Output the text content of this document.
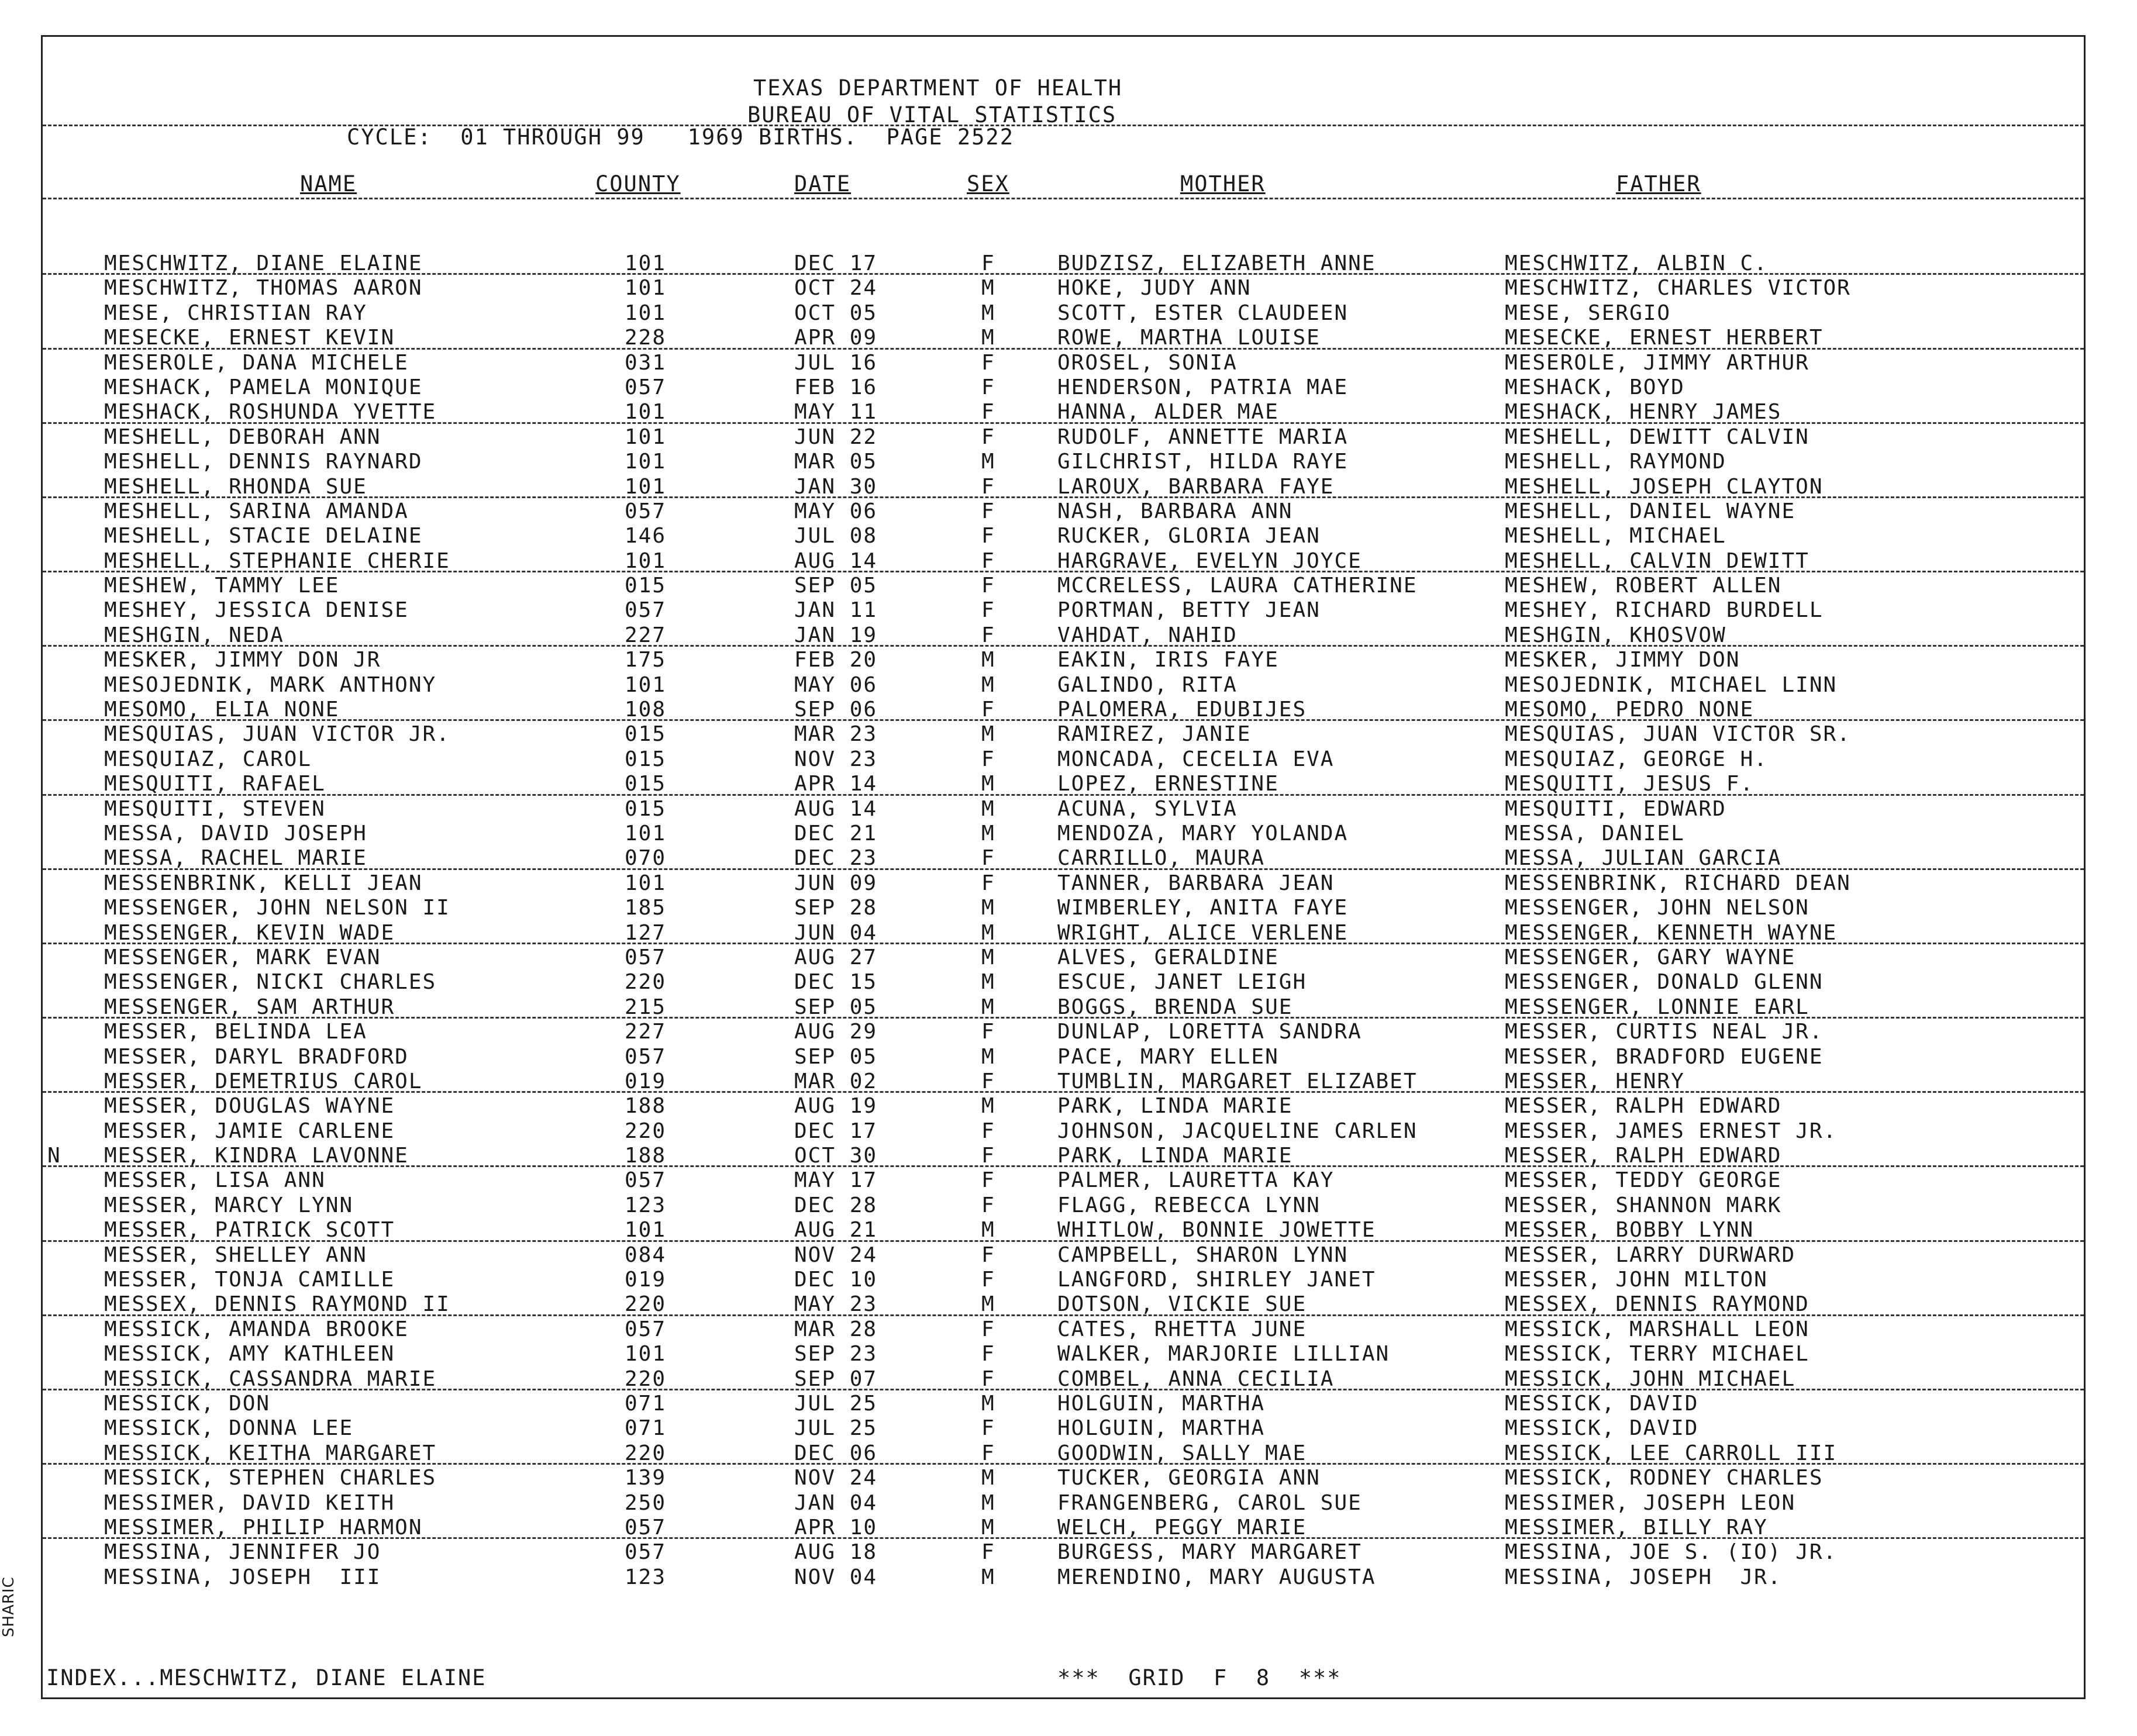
TEXAS DEPARTMENT OF HEALTH
BUREAU OF VITAL STATISTICS
CYCLE:  01 THROUGH 99   1969 BIRTHS.  PAGE 2522
NAME	COUNTY	DATE	SEX	MOTHER	FATHER
MESCHWITZ, DIANE ELAINE	101	DEC 17	F	BUDZISZ, ELIZABETH ANNE	MESCHWITZ, ALBIN C.
MESCHWITZ, THOMAS AARON	101	OCT 24	M	HOKE, JUDY ANN	MESCHWITZ, CHARLES VICTOR
MESE, CHRISTIAN RAY	101	OCT 05	M	SCOTT, ESTER CLAUDEEN	MESE, SERGIO
MESECKE, ERNEST KEVIN	228	APR 09	M	ROWE, MARTHA LOUISE	MESECKE, ERNEST HERBERT
MESEROLE, DANA MICHELE	031	JUL 16	F	OROSEL, SONIA	MESEROLE, JIMMY ARTHUR
MESHACK, PAMELA MONIQUE	057	FEB 16	F	HENDERSON, PATRIA MAE	MESHACK, BOYD
MESHACK, ROSHUNDA YVETTE	101	MAY 11	F	HANNA, ALDER MAE	MESHACK, HENRY JAMES
MESHELL, DEBORAH ANN	101	JUN 22	F	RUDOLF, ANNETTE MARIA	MESHELL, DEWITT CALVIN
MESHELL, DENNIS RAYNARD	101	MAR 05	M	GILCHRIST, HILDA RAYE	MESHELL, RAYMOND
MESHELL, RHONDA SUE	101	JAN 30	F	LAROUX, BARBARA FAYE	MESHELL, JOSEPH CLAYTON
MESHELL, SARINA AMANDA	057	MAY 06	F	NASH, BARBARA ANN	MESHELL, DANIEL WAYNE
MESHELL, STACIE DELAINE	146	JUL 08	F	RUCKER, GLORIA JEAN	MESHELL, MICHAEL
MESHELL, STEPHANIE CHERIE	101	AUG 14	F	HARGRAVE, EVELYN JOYCE	MESHELL, CALVIN DEWITT
MESHEW, TAMMY LEE	015	SEP 05	F	MCCRELESS, LAURA CATHERINE	MESHEW, ROBERT ALLEN
MESHEY, JESSICA DENISE	057	JAN 11	F	PORTMAN, BETTY JEAN	MESHEY, RICHARD BURDELL
MESHGIN, NEDA	227	JAN 19	F	VAHDAT, NAHID	MESHGIN, KHOSVOW
MESKER, JIMMY DON JR	175	FEB 20	M	EAKIN, IRIS FAYE	MESKER, JIMMY DON
MESOJEDNIK, MARK ANTHONY	101	MAY 06	M	GALINDO, RITA	MESOJEDNIK, MICHAEL LINN
MESOMO, ELIA NONE	108	SEP 06	F	PALOMERA, EDUBIJES	MESOMO, PEDRO NONE
MESQUIAS, JUAN VICTOR JR.	015	MAR 23	M	RAMIREZ, JANIE	MESQUIAS, JUAN VICTOR SR.
MESQUIAZ, CAROL	015	NOV 23	F	MONCADA, CECELIA EVA	MESQUIAZ, GEORGE H.
MESQUITI, RAFAEL	015	APR 14	M	LOPEZ, ERNESTINE	MESQUITI, JESUS F.
MESQUITI, STEVEN	015	AUG 14	M	ACUNA, SYLVIA	MESQUITI, EDWARD
MESSA, DAVID JOSEPH	101	DEC 21	M	MENDOZA, MARY YOLANDA	MESSA, DANIEL
MESSA, RACHEL MARIE	070	DEC 23	F	CARRILLO, MAURA	MESSA, JULIAN GARCIA
MESSENBRINK, KELLI JEAN	101	JUN 09	F	TANNER, BARBARA JEAN	MESSENBRINK, RICHARD DEAN
MESSENGER, JOHN NELSON II	185	SEP 28	M	WIMBERLEY, ANITA FAYE	MESSENGER, JOHN NELSON
MESSENGER, KEVIN WADE	127	JUN 04	M	WRIGHT, ALICE VERLENE	MESSENGER, KENNETH WAYNE
MESSENGER, MARK EVAN	057	AUG 27	M	ALVES, GERALDINE	MESSENGER, GARY WAYNE
MESSENGER, NICKI CHARLES	220	DEC 15	M	ESCUE, JANET LEIGH	MESSENGER, DONALD GLENN
MESSENGER, SAM ARTHUR	215	SEP 05	M	BOGGS, BRENDA SUE	MESSENGER, LONNIE EARL
MESSER, BELINDA LEA	227	AUG 29	F	DUNLAP, LORETTA SANDRA	MESSER, CURTIS NEAL JR.
MESSER, DARYL BRADFORD	057	SEP 05	M	PACE, MARY ELLEN	MESSER, BRADFORD EUGENE
MESSER, DEMETRIUS CAROL	019	MAR 02	F	TUMBLIN, MARGARET ELIZABET	MESSER, HENRY
MESSER, DOUGLAS WAYNE	188	AUG 19	M	PARK, LINDA MARIE	MESSER, RALPH EDWARD
MESSER, JAMIE CARLENE	220	DEC 17	F	JOHNSON, JACQUELINE CARLEN	MESSER, JAMES ERNEST JR.
N MESSER, KINDRA LAVONNE	188	OCT 30	F	PARK, LINDA MARIE	MESSER, RALPH EDWARD
MESSER, LISA ANN	057	MAY 17	F	PALMER, LAURETTA KAY	MESSER, TEDDY GEORGE
MESSER, MARCY LYNN	123	DEC 28	F	FLAGG, REBECCA LYNN	MESSER, SHANNON MARK
MESSER, PATRICK SCOTT	101	AUG 21	M	WHITLOW, BONNIE JOWETTE	MESSER, BOBBY LYNN
MESSER, SHELLEY ANN	084	NOV 24	F	CAMPBELL, SHARON LYNN	MESSER, LARRY DURWARD
MESSER, TONJA CAMILLE	019	DEC 10	F	LANGFORD, SHIRLEY JANET	MESSER, JOHN MILTON
MESSEX, DENNIS RAYMOND II	220	MAY 23	M	DOTSON, VICKIE SUE	MESSEX, DENNIS RAYMOND
MESSICK, AMANDA BROOKE	057	MAR 28	F	CATES, RHETTA JUNE	MESSICK, MARSHALL LEON
MESSICK, AMY KATHLEEN	101	SEP 23	F	WALKER, MARJORIE LILLIAN	MESSICK, TERRY MICHAEL
MESSICK, CASSANDRA MARIE	220	SEP 07	F	COMBEL, ANNA CECILIA	MESSICK, JOHN MICHAEL
MESSICK, DON	071	JUL 25	M	HOLGUIN, MARTHA	MESSICK, DAVID
MESSICK, DONNA LEE	071	JUL 25	F	HOLGUIN, MARTHA	MESSICK, DAVID
MESSICK, KEITHA MARGARET	220	DEC 06	F	GOODWIN, SALLY MAE	MESSICK, LEE CARROLL III
MESSICK, STEPHEN CHARLES	139	NOV 24	M	TUCKER, GEORGIA ANN	MESSICK, RODNEY CHARLES
MESSIMER, DAVID KEITH	250	JAN 04	M	FRANGENBERG, CAROL SUE	MESSIMER, JOSEPH LEON
MESSIMER, PHILIP HARMON	057	APR 10	M	WELCH, PEGGY MARIE	MESSIMER, BILLY RAY
MESSINA, JENNIFER JO	057	AUG 18	F	BURGESS, MARY MARGARET	MESSINA, JOE S. (IO) JR.
MESSINA, JOSEPH  III	123	NOV 04	M	MERENDINO, MARY AUGUSTA	MESSINA, JOSEPH  JR.
INDEX...MESCHWITZ, DIANE ELAINE	***  GRID  F  8  ***
SHARIC
